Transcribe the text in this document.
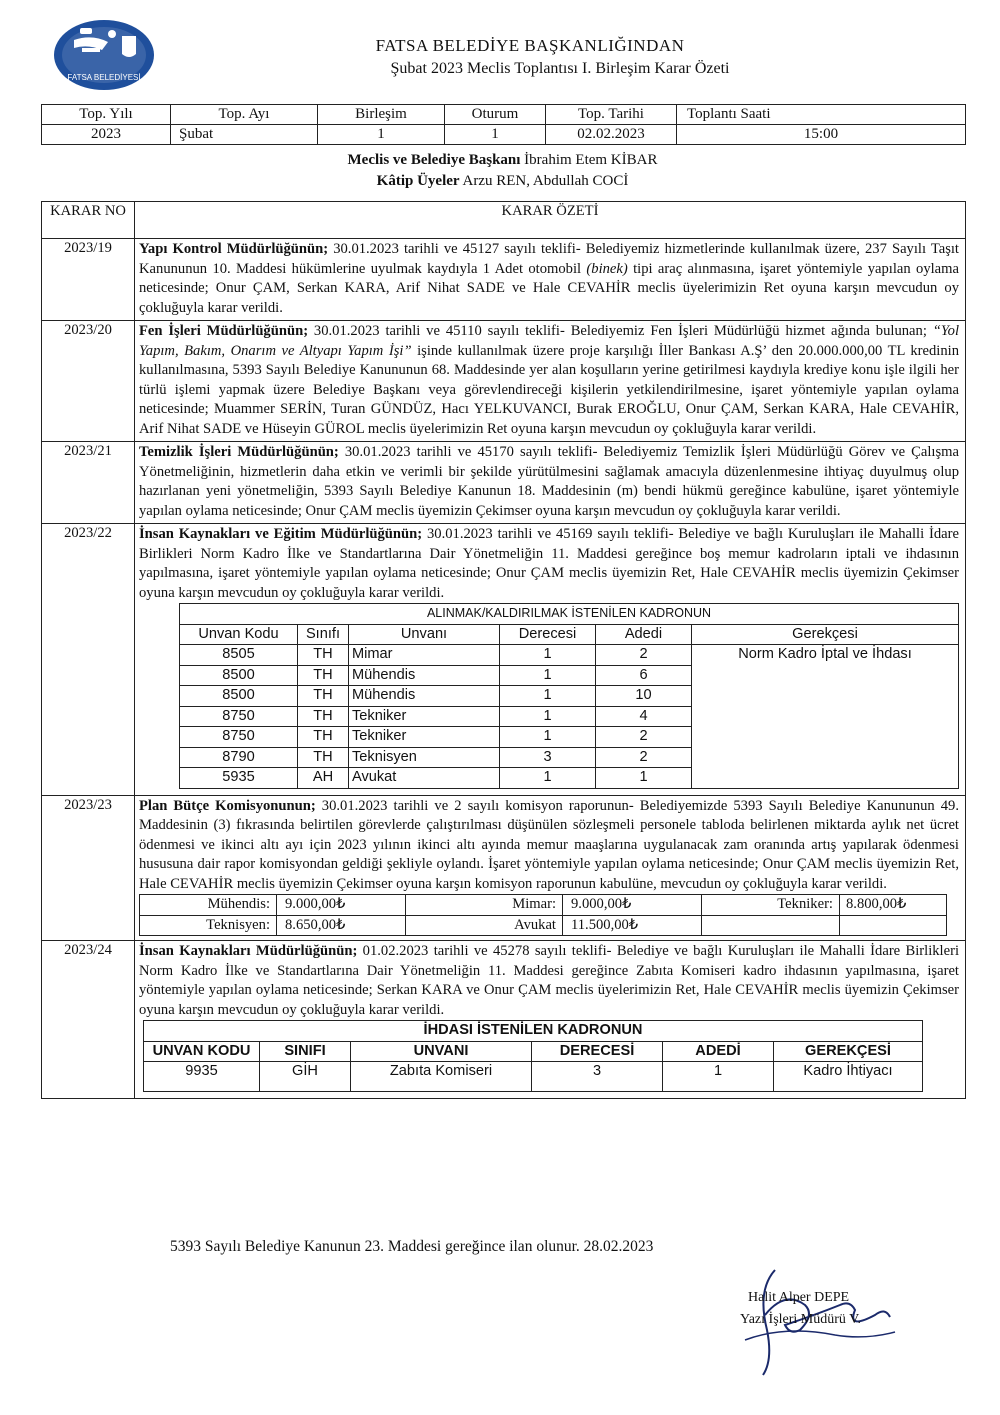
FATSA BELEDİYESİ
FATSA BELEDİYE BAŞKANLIĞINDAN
Şubat 2023 Meclis Toplantısı I. Birleşim Karar Özeti
Top. Yılı	Top. Ayı	Birleşim	Oturum	Top. Tarihi	Toplantı Saati
2023	Şubat	1	1	02.02.2023	15:00
Meclis ve Belediye Başkanı İbrahim Etem KİBAR
Kâtip Üyeler Arzu REN, Abdullah COCİ
KARAR NO	KARAR ÖZETİ
2023/19	Yapı Kontrol Müdürlüğünün; 30.01.2023 tarihli ve 45127 sayılı teklifi- Belediyemiz hizmetlerinde kullanılmak üzere, 237 Sayılı Taşıt Kanununun 10. Maddesi hükümlerine uyulmak kaydıyla 1 Adet otomobil (binek) tipi araç alınmasına, işaret yöntemiyle yapılan oylama neticesinde; Onur ÇAM, Serkan KARA, Arif Nihat SADE ve Hale CEVAHİR meclis üyelerimizin Ret oyuna karşın mevcudun oy çokluğuyla karar verildi.
2023/20	Fen İşleri Müdürlüğünün; 30.01.2023 tarihli ve 45110 sayılı teklifi- Belediyemiz Fen İşleri Müdürlüğü hizmet ağında bulunan; “Yol Yapım, Bakım, Onarım ve Altyapı Yapım İşi” işinde kullanılmak üzere proje karşılığı İller Bankası A.Ş’ den 20.000.000,00 TL kredinin kullanılmasına, 5393 Sayılı Belediye Kanununun 68. Maddesinde yer alan koşulların yerine getirilmesi kaydıyla krediye konu işle ilgili her türlü işlemi yapmak üzere Belediye Başkanı veya görevlendireceği kişilerin yetkilendirilmesine, işaret yöntemiyle yapılan oylama neticesinde; Muammer SERİN, Turan GÜNDÜZ, Hacı YELKUVANCI, Burak EROĞLU, Onur ÇAM, Serkan KARA, Hale CEVAHİR, Arif Nihat SADE ve Hüseyin GÜROL meclis üyelerimizin Ret oyuna karşın mevcudun oy çokluğuyla karar verildi.
2023/21	Temizlik İşleri Müdürlüğünün; 30.01.2023 tarihli ve 45170 sayılı teklifi- Belediyemiz Temizlik İşleri Müdürlüğü Görev ve Çalışma Yönetmeliğinin, hizmetlerin daha etkin ve verimli bir şekilde yürütülmesini sağlamak amacıyla düzenlenmesine ihtiyaç duyulmuş olup hazırlanan yeni yönetmeliğin, 5393 Sayılı Belediye Kanunun 18. Maddesinin (m) bendi hükmü gereğince kabulüne, işaret yöntemiyle yapılan oylama neticesinde; Onur ÇAM meclis üyemizin Çekimser oyuna karşın mevcudun oy çokluğuyla karar verildi.
2023/22	İnsan Kaynakları ve Eğitim Müdürlüğünün; 30.01.2023 tarihli ve 45169 sayılı teklifi- Belediye ve bağlı Kuruluşları ile Mahalli İdare Birlikleri Norm Kadro İlke ve Standartlarına Dair Yönetmeliğin 11. Maddesi gereğince boş memur kadroların iptali ve ihdasının yapılmasına, işaret yöntemiyle yapılan oylama neticesinde; Onur ÇAM meclis üyemizin Ret, Hale CEVAHİR meclis üyemizin Çekimser oyuna karşın mevcudun oy çokluğuyla karar verildi.
ALINMAK/KALDIRILMAK İSTENİLEN KADRONUN
Unvan Kodu	Sınıfı	Unvanı	Derecesi	Adedi	Gerekçesi
8505	TH	Mimar	1	2	Norm Kadro İptal ve İhdası
8500	TH	Mühendis	1	6
8500	TH	Mühendis	1	10
8750	TH	Tekniker	1	4
8750	TH	Tekniker	1	2
8790	TH	Teknisyen	3	2
5935	AH	Avukat	1	1

2023/23	Plan Bütçe Komisyonunun; 30.01.2023 tarihli ve 2 sayılı komisyon raporunun- Belediyemizde 5393 Sayılı Belediye Kanununun 49. Maddesinin (3) fıkrasında belirtilen görevlerde çalıştırılması düşünülen sözleşmeli personele tabloda belirlenen miktarda aylık net ücret ödenmesi ve ikinci altı ayı için 2023 yılının ikinci altı ayında memur maaşlarına uygulanacak zam oranında artış yapılarak ödenmesi hususuna dair rapor komisyondan geldiği şekliyle oylandı. İşaret yöntemiyle yapılan oylama neticesinde; Onur ÇAM meclis üyemizin Ret, Hale CEVAHİR meclis üyemizin Çekimser oyuna karşın komisyon raporunun kabulüne, mevcudun oy çokluğuyla karar verildi.
Mühendis:	9.000,00₺	Mimar:	9.000,00₺	Tekniker:	8.800,00₺
Teknisyen:	8.650,00₺	Avukat	11.500,00₺		

2023/24	İnsan Kaynakları Müdürlüğünün; 01.02.2023 tarihli ve 45278 sayılı teklifi- Belediye ve bağlı Kuruluşları ile Mahalli İdare Birlikleri Norm Kadro İlke ve Standartlarına Dair Yönetmeliğin 11. Maddesi gereğince Zabıta Komiseri kadro ihdasının yapılmasına, işaret yöntemiyle yapılan oylama neticesinde; Serkan KARA ve Onur ÇAM meclis üyelerimizin Ret, Hale CEVAHİR meclis üyemizin Çekimser oyuna karşın mevcudun oy çokluğuyla karar verildi.
İHDASI İSTENİLEN KADRONUN
UNVAN KODU	SINIFI	UNVANI	DERECESİ	ADEDİ	GEREKÇESİ
9935	GİH	Zabıta Komiseri	3	1	Kadro İhtiyacı
5393 Sayılı Belediye Kanunun 23. Maddesi gereğince ilan olunur. 28.02.2023
Halit Alper DEPE
Yazı İşleri Müdürü V.
